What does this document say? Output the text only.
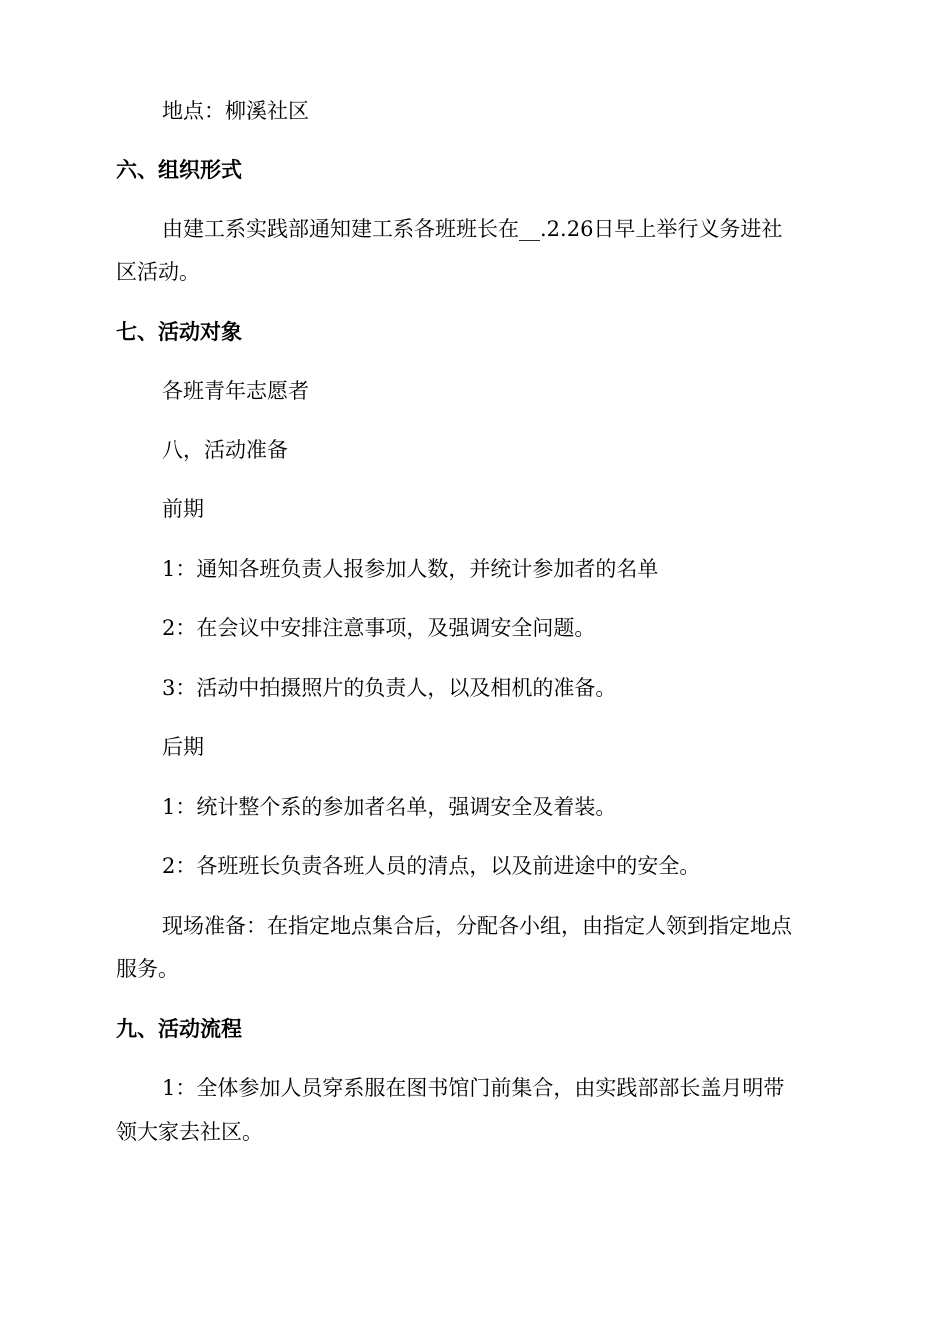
地点：柳溪社区
六、组织形式
由建工系实践部通知建工系各班班长在__.2.26日早上举行义务进社
区活动。
七、活动对象
各班青年志愿者
八，活动准备
前期
1：通知各班负责人报参加人数，并统计参加者的名单
2：在会议中安排注意事项，及强调安全问题。
3：活动中拍摄照片的负责人，以及相机的准备。
后期
1：统计整个系的参加者名单，强调安全及着装。
2：各班班长负责各班人员的清点，以及前进途中的安全。
现场准备：在指定地点集合后，分配各小组，由指定人领到指定地点
服务。
九、活动流程
1：全体参加人员穿系服在图书馆门前集合，由实践部部长盖月明带
领大家去社区。
